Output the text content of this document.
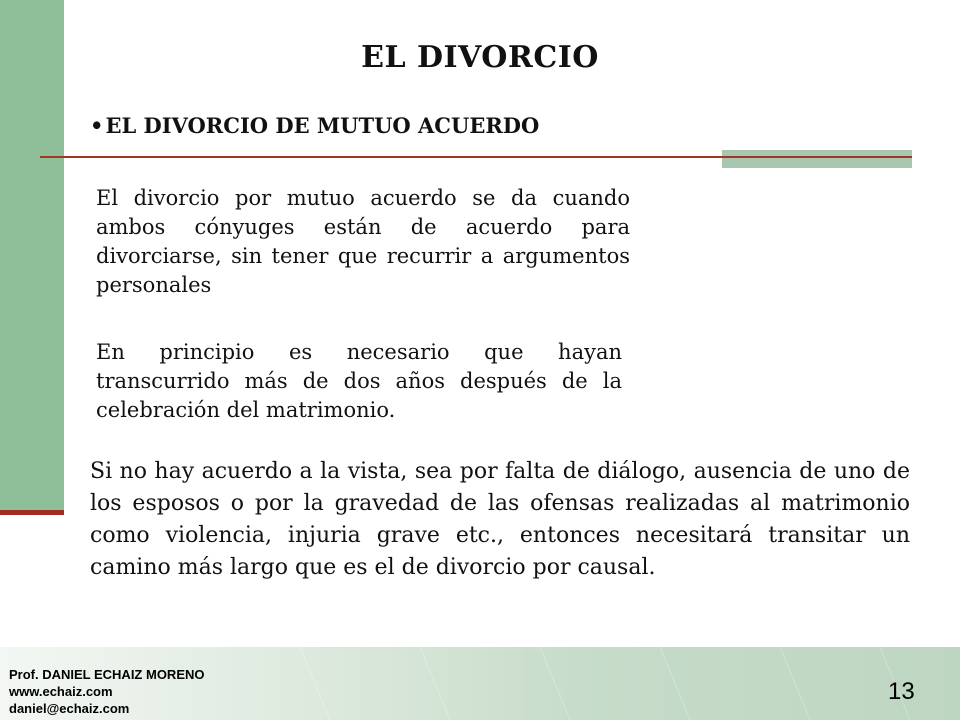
EL DIVORCIO
•EL DIVORCIO DE MUTUO ACUERDO

El divorcio por mutuo acuerdo se da cuando ambos cónyuges están de acuerdo para divorciarse, sin tener que recurrir a argumentos personales

En principio es necesario que hayan transcurrido más de dos años después de la celebración del matrimonio.

Si no hay acuerdo a la vista, sea por falta de diálogo, ausencia de uno de los esposos o por la gravedad de las ofensas realizadas al matrimonio como violencia, injuria grave etc., entonces necesitará transitar un camino más largo que es el de divorcio por causal.

Prof. DANIEL ECHAIZ MORENO
www.echaiz.com
daniel@echaiz.com
13
